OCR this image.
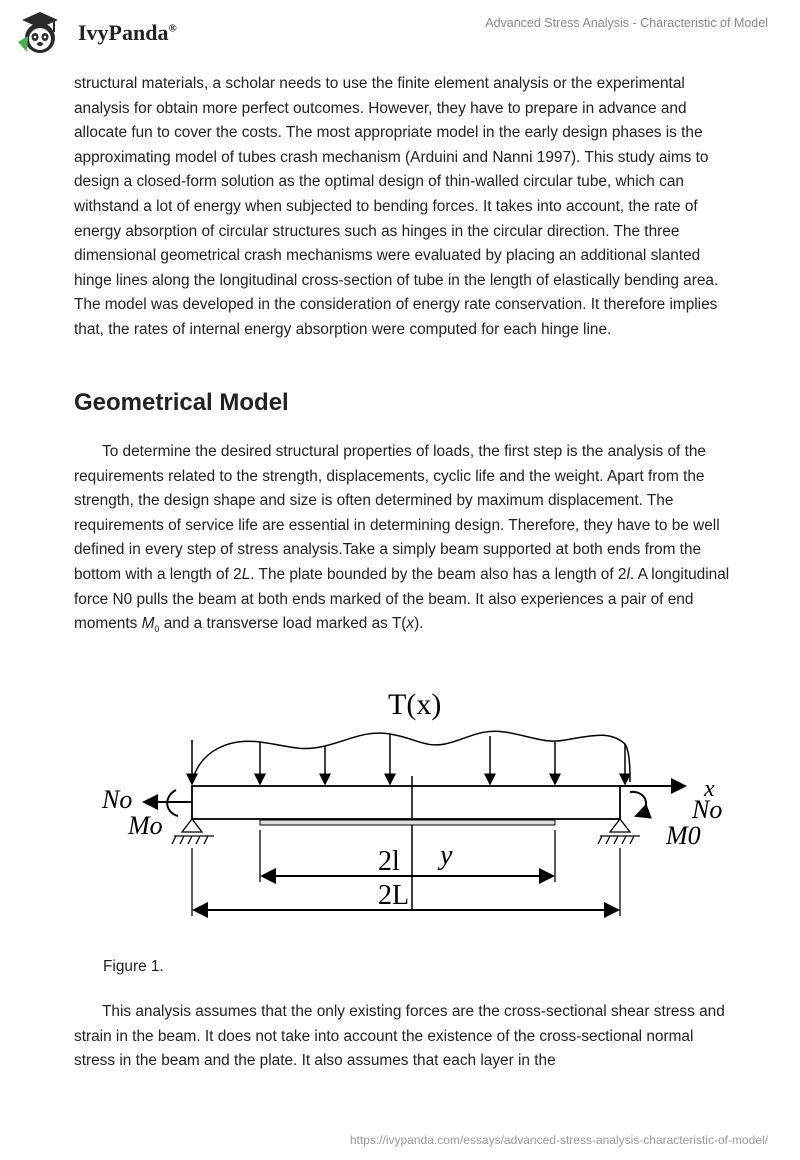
IvyPanda®	Advanced Stress Analysis - Characteristic of Model

structural materials, a scholar needs to use the finite element analysis or the experimental analysis for obtain more perfect outcomes. However, they have to prepare in advance and allocate fun to cover the costs. The most appropriate model in the early design phases is the approximating model of tubes crash mechanism (Arduini and Nanni 1997). This study aims to design a closed-form solution as the optimal design of thin-walled circular tube, which can withstand a lot of energy when subjected to bending forces. It takes into account, the rate of energy absorption of circular structures such as hinges in the circular direction. The three dimensional geometrical crash mechanisms were evaluated by placing an additional slanted hinge lines along the longitudinal cross-section of tube in the length of elastically bending area. The model was developed in the consideration of energy rate conservation. It therefore implies that, the rates of internal energy absorption were computed for each hinge line.

Geometrical Model

To determine the desired structural properties of loads, the first step is the analysis of the requirements related to the strength, displacements, cyclic life and the weight. Apart from the strength, the design shape and size is often determined by maximum displacement. The requirements of service life are essential in determining design. Therefore, they have to be well defined in every step of stress analysis.Take a simply beam supported at both ends from the bottom with a length of 2L. The plate bounded by the beam also has a length of 2l. A longitudinal force N0 pulls the beam at both ends marked of the beam. It also experiences a pair of end moments $M_0$ and a transverse load marked as T(x).

T(x)
No
Mo
x
No
M0
2l y
2L
Figure 1.

This analysis assumes that the only existing forces are the cross-sectional shear stress and strain in the beam. It does not take into account the existence of the cross-sectional normal stress in the beam and the plate. It also assumes that each layer in the

https://ivypanda.com/essays/advanced-stress-analysis-characteristic-of-model/
